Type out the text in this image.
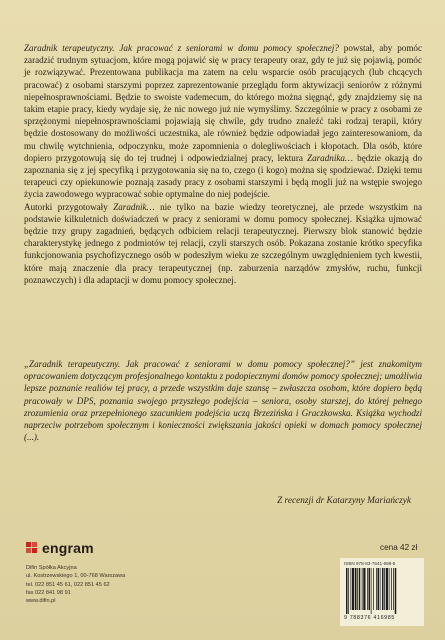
Zaradnik terapeutyczny. Jak pracować z seniorami w domu pomocy społecznej? powstał, aby pomóc zaradzić trudnym sytuacjom, które mogą pojawić się w pracy terapeuty oraz, gdy te już się pojawią, pomóc je rozwiązywać. Prezentowana publikacja ma zatem na celu wsparcie osób pracujących (lub chcących pracować) z osobami starszymi poprzez zaprezentowanie przeglądu form aktywizacji seniorów z różnymi niepełnosprawnościami. Będzie to swoiste vademecum, do którego można sięgnąć, gdy znajdziemy się na takim etapie pracy, kiedy wydaje się, że nic nowego już nie wymyślimy. Szczególnie w pracy z osobami ze sprzężonymi niepełnosprawnościami pojawiają się chwile, gdy trudno znaleźć taki rodzaj terapii, który będzie dostosowany do możliwości uczestnika, ale również będzie odpowiadał jego zainteresowaniom, da mu chwilę wytchnienia, odpoczynku, może zapomnienia o dolegliwościach i kłopotach. Dla osób, które dopiero przygotowują się do tej trudnej i odpowiedzialnej pracy, lektura Zaradnika… będzie okazją do zapoznania się z jej specyfiką i przygotowania się na to, czego (i kogo) można się spodziewać. Dzięki temu terapeuci czy opiekunowie poznają zasady pracy z osobami starszymi i będą mogli już na wstępie swojego życia zawodowego wypracować sobie optymalne do niej podejście.

Autorki przygotowały Zaradnik… nie tylko na bazie wiedzy teoretycznej, ale przede wszystkim na podstawie kilkuletnich doświadczeń w pracy z seniorami w domu pomocy społecznej. Książka ujmować będzie trzy grupy zagadnień, będących odbiciem relacji terapeutycznej. Pierwszy blok stanowić będzie charakterystykę jednego z podmiotów tej relacji, czyli starszych osób. Pokazana zostanie krótko specyfika funkcjonowania psychofizycznego osób w podeszłym wieku ze szczególnym uwzględnieniem tych kwestii, które mają znaczenie dla pracy terapeutycznej (np. zaburzenia narządów zmysłów, ruchu, funkcji poznawczych) i dla adaptacji w domu pomocy społecznej.

„Zaradnik terapeutyczny. Jak pracować z seniorami w domu pomocy społecznej?” jest znakomitym opracowaniem dotyczącym profesjonalnego kontaktu z podopiecznymi domów pomocy społecznej; umożliwia lepsze poznanie realiów tej pracy, a przede wszystkim daje szansę – zwłaszcza osobom, które dopiero będą pracowały w DPS, poznania swojego przyszłego podejścia – seniora, osoby starszej, do której pełnego zrozumienia oraz przepełnionego szacunkiem podejścia uczą Brzezińska i Graczkowska. Książka wychodzi naprzeciw potrzebom społecznym i konieczności zwiększania jakości opieki w domach pomocy społecznej (...).
Z recenzji dr Katarzyny Mariańczyk
engram
Difin Spółka Akcyjna
ul. Kostrzewskiego 1, 00-768 Warszawa
tel. 022 851 45 61, 022 851 45 62
fax 022 841 98 91
www.difin.pl
cena 42 zł
ISBN 978-83-7641-698-5
9 788376 416985
